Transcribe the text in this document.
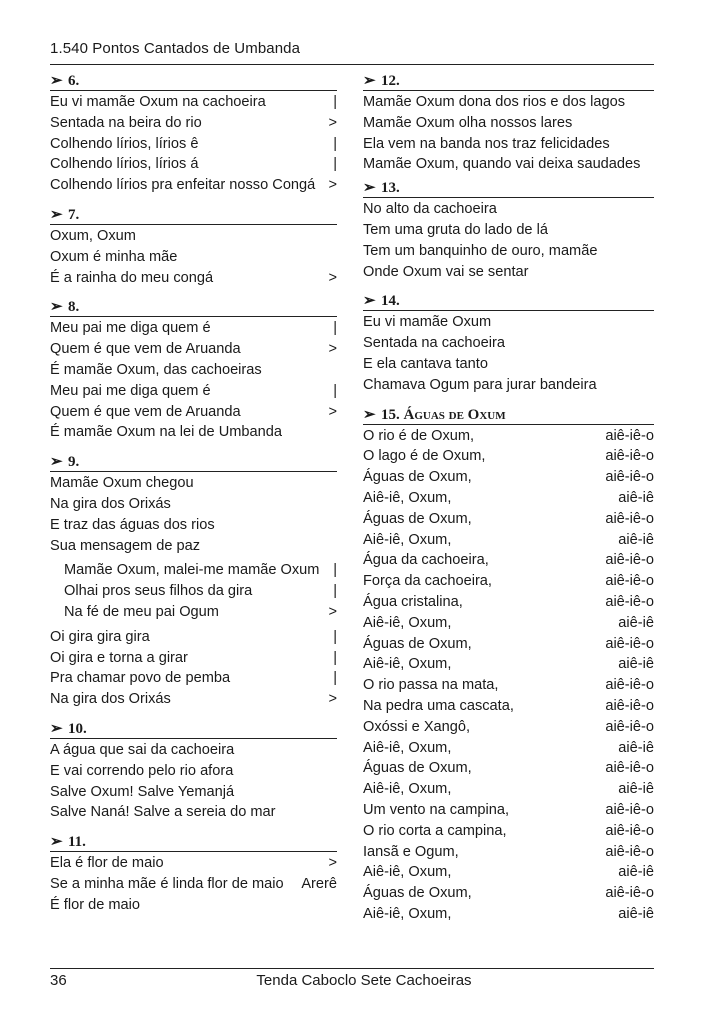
1.540 Pontos Cantados de Umbanda
➢ 6.
Eu vi mamãe Oxum na cachoeira	|
Sentada na beira do rio	>
Colhendo lírios, lírios ê	|
Colhendo lírios, lírios á	|
Colhendo lírios pra enfeitar nosso Congá >
➢ 7.
Oxum, Oxum
Oxum é minha mãe
É a rainha do meu congá	>
➢ 8.
Meu pai me diga quem é	|
Quem é que vem de Aruanda	>
É mamãe Oxum, das cachoeiras
Meu pai me diga quem é	|
Quem é que vem de Aruanda	>
É mamãe Oxum na lei de Umbanda
➢ 9.
Mamãe Oxum chegou
Na gira dos Orixás
E traz das águas dos rios
Sua mensagem de paz
Mamãe Oxum, malei-me mamãe Oxum |
Olhai pros seus filhos da gira	|
Na fé de meu pai Ogum	>
Oi gira gira gira	|
Oi gira e torna a girar	|
Pra chamar povo de pemba	|
Na gira dos Orixás	>
➢ 10.
A água que sai da cachoeira
E vai correndo pelo rio afora
Salve Oxum! Salve Yemanjá
Salve Naná! Salve a sereia do mar
➢ 11.
Ela é flor de maio	>
Se a minha mãe é linda flor de maio	Arerê
É flor de maio
➢ 12.
Mamãe Oxum dona dos rios e dos lagos
Mamãe Oxum olha nossos lares
Ela vem na banda nos traz felicidades
Mamãe Oxum, quando vai deixa saudades
➢ 13.
No alto da cachoeira
Tem uma gruta do lado de lá
Tem um banquinho de ouro, mamãe
Onde Oxum vai se sentar
➢ 14.
Eu vi mamãe Oxum
Sentada na cachoeira
E ela cantava tanto
Chamava Ogum para jurar bandeira
➢ 15. Águas de Oxum
O rio é de Oxum,	aiê-iê-o
O lago é de Oxum,	aiê-iê-o
Águas de Oxum,	aiê-iê-o
Aiê-iê, Oxum,	aiê-iê
Águas de Oxum,	aiê-iê-o
Aiê-iê, Oxum,	aiê-iê
Água da cachoeira,	aiê-iê-o
Força da cachoeira,	aiê-iê-o
Água cristalina,	aiê-iê-o
Aiê-iê, Oxum,	aiê-iê
Águas de Oxum,	aiê-iê-o
Aiê-iê, Oxum,	aiê-iê
O rio passa na mata,	aiê-iê-o
Na pedra uma cascata,	aiê-iê-o
Oxóssi e Xangô,	aiê-iê-o
Aiê-iê, Oxum,	aiê-iê
Águas de Oxum,	aiê-iê-o
Aiê-iê, Oxum,	aiê-iê
Um vento na campina,	aiê-iê-o
O rio corta a campina,	aiê-iê-o
Iansã e Ogum,	aiê-iê-o
Aiê-iê, Oxum,	aiê-iê
Águas de Oxum,	aiê-iê-o
Aiê-iê, Oxum,	aiê-iê
36	Tenda Caboclo Sete Cachoeiras
